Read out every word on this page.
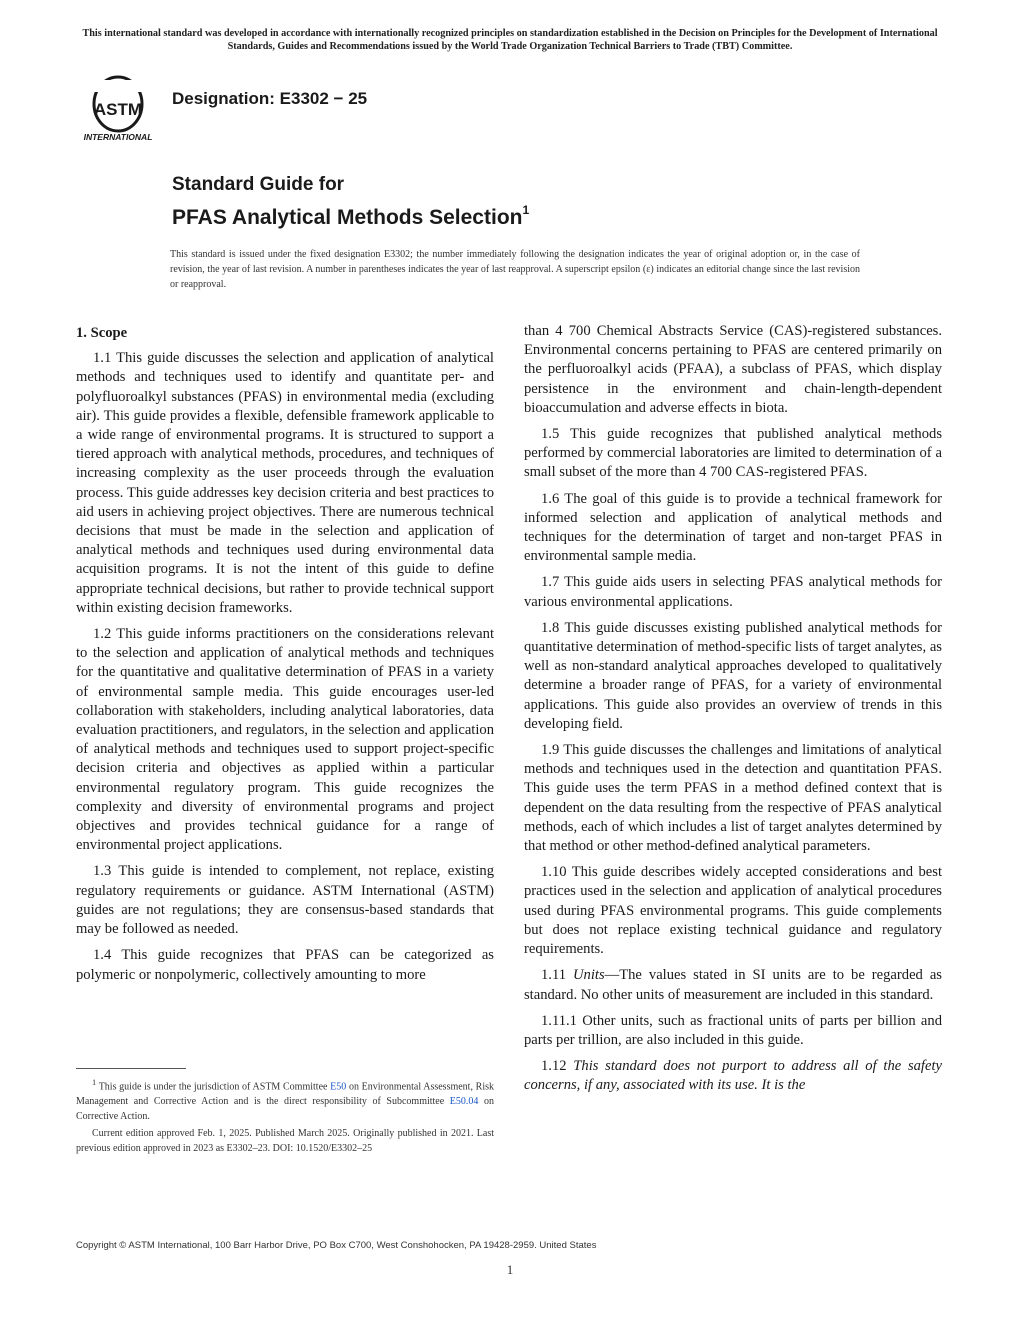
This international standard was developed in accordance with internationally recognized principles on standardization established in the Decision on Principles for the Development of International Standards, Guides and Recommendations issued by the World Trade Organization Technical Barriers to Trade (TBT) Committee.
ASTM
INTERNATIONAL
Designation: E3302 − 25
Standard Guide for
PFAS Analytical Methods Selection$^1$
This standard is issued under the fixed designation E3302; the number immediately following the designation indicates the year of original adoption or, in the case of revision, the year of last revision. A number in parentheses indicates the year of last reapproval. A superscript epsilon (ε) indicates an editorial change since the last revision or reapproval.
1. Scope

1.1 This guide discusses the selection and application of analytical methods and techniques used to identify and quantitate per- and polyfluoroalkyl substances (PFAS) in environmental media (excluding air). This guide provides a flexible, defensible framework applicable to a wide range of environmental programs. It is structured to support a tiered approach with analytical methods, procedures, and techniques of increasing complexity as the user proceeds through the evaluation process. This guide addresses key decision criteria and best practices to aid users in achieving project objectives. There are numerous technical decisions that must be made in the selection and application of analytical methods and techniques used during environmental data acquisition programs. It is not the intent of this guide to define appropriate technical decisions, but rather to provide technical support within existing decision frameworks.

1.2 This guide informs practitioners on the considerations relevant to the selection and application of analytical methods and techniques for the quantitative and qualitative determination of PFAS in a variety of environmental sample media. This guide encourages user-led collaboration with stakeholders, including analytical laboratories, data evaluation practitioners, and regulators, in the selection and application of analytical methods and techniques used to support project-specific decision criteria and objectives as applied within a particular environmental regulatory program. This guide recognizes the complexity and diversity of environmental programs and project objectives and provides technical guidance for a range of environmental project applications.

1.3 This guide is intended to complement, not replace, existing regulatory requirements or guidance. ASTM International (ASTM) guides are not regulations; they are consensus-based standards that may be followed as needed.

1.4 This guide recognizes that PFAS can be categorized as polymeric or nonpolymeric, collectively amounting to more

than 4 700 Chemical Abstracts Service (CAS)-registered substances. Environmental concerns pertaining to PFAS are centered primarily on the perfluoroalkyl acids (PFAA), a subclass of PFAS, which display persistence in the environment and chain-length-dependent bioaccumulation and adverse effects in biota.

1.5 This guide recognizes that published analytical methods performed by commercial laboratories are limited to determination of a small subset of the more than 4 700 CAS-registered PFAS.

1.6 The goal of this guide is to provide a technical framework for informed selection and application of analytical methods and techniques for the determination of target and non-target PFAS in environmental sample media.

1.7 This guide aids users in selecting PFAS analytical methods for various environmental applications.

1.8 This guide discusses existing published analytical methods for quantitative determination of method-specific lists of target analytes, as well as non-standard analytical approaches developed to qualitatively determine a broader range of PFAS, for a variety of environmental applications. This guide also provides an overview of trends in this developing field.

1.9 This guide discusses the challenges and limitations of analytical methods and techniques used in the detection and quantitation PFAS. This guide uses the term PFAS in a method defined context that is dependent on the data resulting from the respective of PFAS analytical methods, each of which includes a list of target analytes determined by that method or other method-defined analytical parameters.

1.10 This guide describes widely accepted considerations and best practices used in the selection and application of analytical procedures used during PFAS environmental programs. This guide complements but does not replace existing technical guidance and regulatory requirements.

1.11 Units—The values stated in SI units are to be regarded as standard. No other units of measurement are included in this standard.

1.11.1 Other units, such as fractional units of parts per billion and parts per trillion, are also included in this guide.

1.12 This standard does not purport to address all of the safety concerns, if any, associated with its use. It is the

$^1$ This guide is under the jurisdiction of ASTM Committee E50 on Environmental Assessment, Risk Management and Corrective Action and is the direct responsibility of Subcommittee E50.04 on Corrective Action.

Current edition approved Feb. 1, 2025. Published March 2025. Originally published in 2021. Last previous edition approved in 2023 as E3302–23. DOI: 10.1520/E3302–25

Copyright © ASTM International, 100 Barr Harbor Drive, PO Box C700, West Conshohocken, PA 19428-2959. United States
1
